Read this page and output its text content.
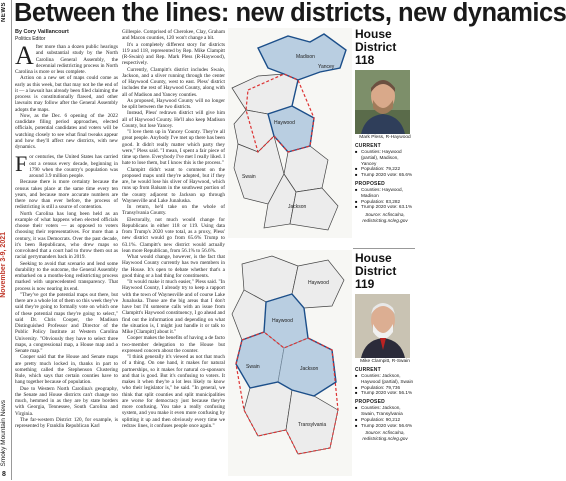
November 3-9, 2021
Smoky Mountain News
8
NEWS Between the lines: new districts, new dynamics
By Cory Vaillancourt
Politics Editor
A fter more than a dozen public hearings and substantial study by the North Carolina General Assembly, the decennial redistricting process in North Carolina is more or less complete.

Action on a new set of maps could come as early as this week, but that may not be the end of it — a lawsuit has already been filed claiming the process is constitutionally flawed, and other lawsuits may follow after the General Assembly adopts the maps.

Now, as the Dec. 6 opening of the 2022 candidate filing period approaches, elected officials, potential candidates and voters will be watching closely to see what final tweaks appear and how they'll affect new districts, with new dynamics.

F or centuries, the United States has carried out a census every decade, beginning in 1790 when the country's population was around 3.9 million people.

Because there is more certainty because the census takes place at the same time every ten years, and because more accurate numbers are there now than ever before, the process of redistricting is still a source of contention.

North Carolina has long been held as an example of what happens when elected officials choose their voters — as opposed to voters choosing their representatives. For more than a century, it was Democrats. Over the past decade, it's been Republicans, who drew maps so convoluted that a court had to throw them out as racial gerrymanders back in 2019.

Seeking to avoid that scenario and lend some durability to the outcome, the General Assembly embarked on a months-long redistricting process marked with unprecedented transparency. That process is now nearing its end.

"They've got the potential maps out there, but there are a whole lot of them so this week they've said they're going to formally vote on which one of these potential maps they're going to select," said Dr. Chris Cooper, the Madison Distinguished Professor and Director of the Public Policy Institute at Western Carolina University. "Obviously they have to select three maps, a congressional map, a House map and a Senate map."

Cooper said that the House and Senate maps are pretty much locked in, thanks in part to something called the Stephenson Clustering Rule, which says that certain counties have to hang together because of population.

Due to Western North Carolina's geography, the Senate and House districts can't change too much, hemmed in as they are by state borders with Georgia, Tennessee, South Carolina and Virginia.

The far-western District 120, for example, is represented by Franklin Republican Karl

Gillespie. Comprised of Cherokee, Clay, Graham and Macon counties, 120 won't change a bit.

It's a completely different story for districts 119 and 118, represented by Rep. Mike Clampitt (R-Swain) and Rep. Mark Pless (R-Haywood), respectively.

Currently, Clampitt's district includes Swain, Jackson, and a sliver running through the center of Haywood County, west to east. Pless' district includes the rest of Haywood County, along with all of Madison and Yancey counties.

As proposed, Haywood County will no longer be split between the two districts.

Instead, Pless' redrawn district will give him all of Haywood County. He'll also keep Madison County, but lose Yancey.

"I love them up in Yancey County. They're all great people. Anybody I've met up there has been good. It didn't really matter which party they were," Pless said. "I mean, I spent a fair piece of time up there. Everybody I've met I really liked. I hate to lose them, but I know this is the process."

Clampitt didn't want to comment on the proposed maps until they're adopted, but if they are, he would lose his sliver of Haywood, which runs up from Balsam in the southwest portion of the county adjacent to Jackson up through Waynesville and Lake Junaluska.

In return, he'd take on the whole of Transylvania County.

Electorally, not much would change for Republicans in either 118 or 119. Using data from Trump's 2020 vote total, as a proxy, Pless' new district would go from 65.6% Trump to 63.1%. Clampitt's new district would actually lean more Republican, from 56.1% to 56.6%.

What would change, however, is the fact that Haywood County currently has two members in the House. It's open to debate whether that's a good thing or a bad thing for constituents.

"It would make it much easier," Pless said. "In Haywood County, I already try to keep a rapport with the town of Waynesville and of course Lake Junaluska. Those are the big areas that I don't have but I'd someone calls with an issue from Clampitt's Haywood constituency, I go ahead and find out the information and depending on what the situation is, I might just handle it or talk to Mike [Clampitt] about it."

Cooper makes the benefits of having a de facto two-member delegation to the House but expressed concern about the counter.

"I think generally it's viewed as not that much of a thing. On one hand, it makes for natural partnerships, so it makes for natural co-sponsors and that is good. But it's confusing to voters. It makes it when they're a lot less likely to know who their legislator is," he said. "In general, we think that split counties and split municipalities are worse for democracy just because they're more confusing. You take a really confusing system, and you make it even more confusing by splitting it up and then obviously every time we redraw lines, it confuses people once again."

Madison
Yancey
Haywood
Swain
Jackson
Haywood
Swain	Jackson
Transylvania
Haywood
House District 118
Mark Pless, R-Haywood
CURRENT
■ Counties: Haywood (partial), Madison, Yancey
■ Population: 79,222
■ Trump 2020 vote: 65.6%
PROPOSED
■ Counties: Haywood, Madison
■ Population: 83,282
■ Trump 2020 vote: 63.1%
Source: ncfiscalna, redistricting.ncleg.gov
House District 119
Mike Clampitt, R-Swain
CURRENT
■ Counties: Jackson, Haywood (partial), Swain
■ Population: 79,736
■ Trump 2020 vote: 56.1%
PROPOSED
■ Counties: Jackson, Swain, Transylvania
■ Population: 90,212
■ Trump 2020 vote: 56.6%
Source: ncfiscalna, redistricting.ncleg.gov
